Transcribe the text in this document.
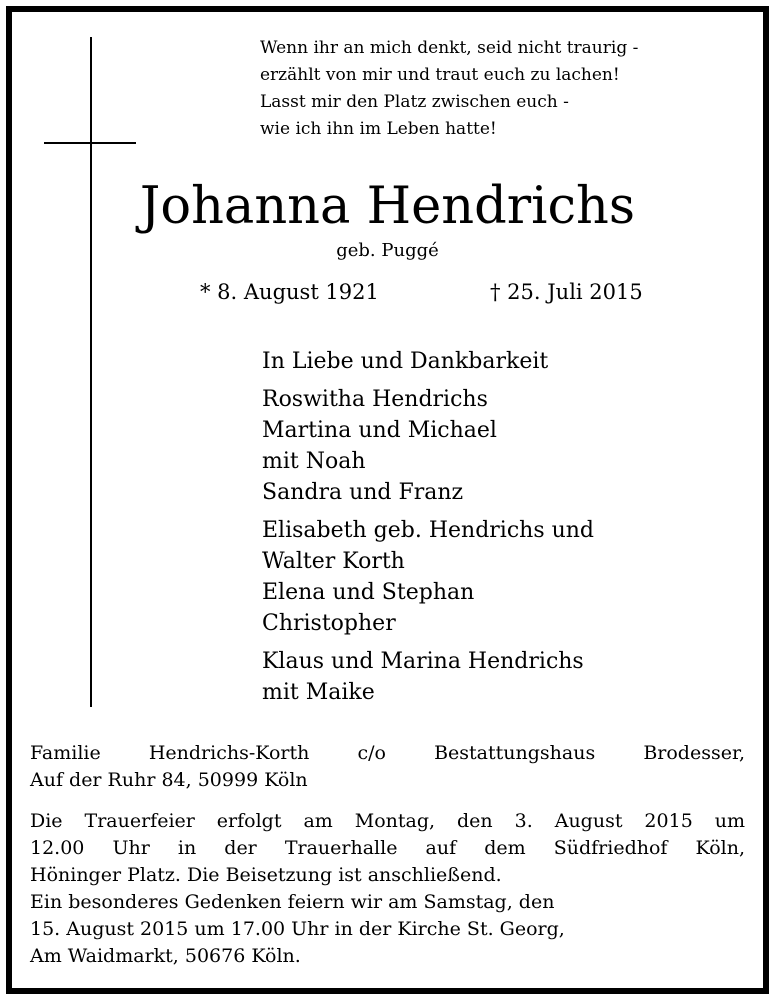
Wenn ihr an mich denkt, seid nicht traurig -
erzählt von mir und traut euch zu lachen!
Lasst mir den Platz zwischen euch -
wie ich ihn im Leben hatte!
Johanna Hendrichs
geb. Puggé
* 8. August 1921	† 25. Juli 2015
In Liebe und Dankbarkeit
Roswitha Hendrichs
Martina und Michael
mit Noah
Sandra und Franz
Elisabeth geb. Hendrichs und
Walter Korth
Elena und Stephan
Christopher
Klaus und Marina Hendrichs
mit Maike
Familie Hendrichs-Korth c/o Bestattungshaus Brodesser,
Auf der Ruhr 84, 50999 Köln
Die Trauerfeier erfolgt am Montag, den 3. August 2015 um
12.00 Uhr in der Trauerhalle auf dem Südfriedhof Köln,
Höninger Platz. Die Beisetzung ist anschließend.
Ein besonderes Gedenken feiern wir am Samstag, den
15. August 2015 um 17.00 Uhr in der Kirche St. Georg,
Am Waidmarkt, 50676 Köln.
